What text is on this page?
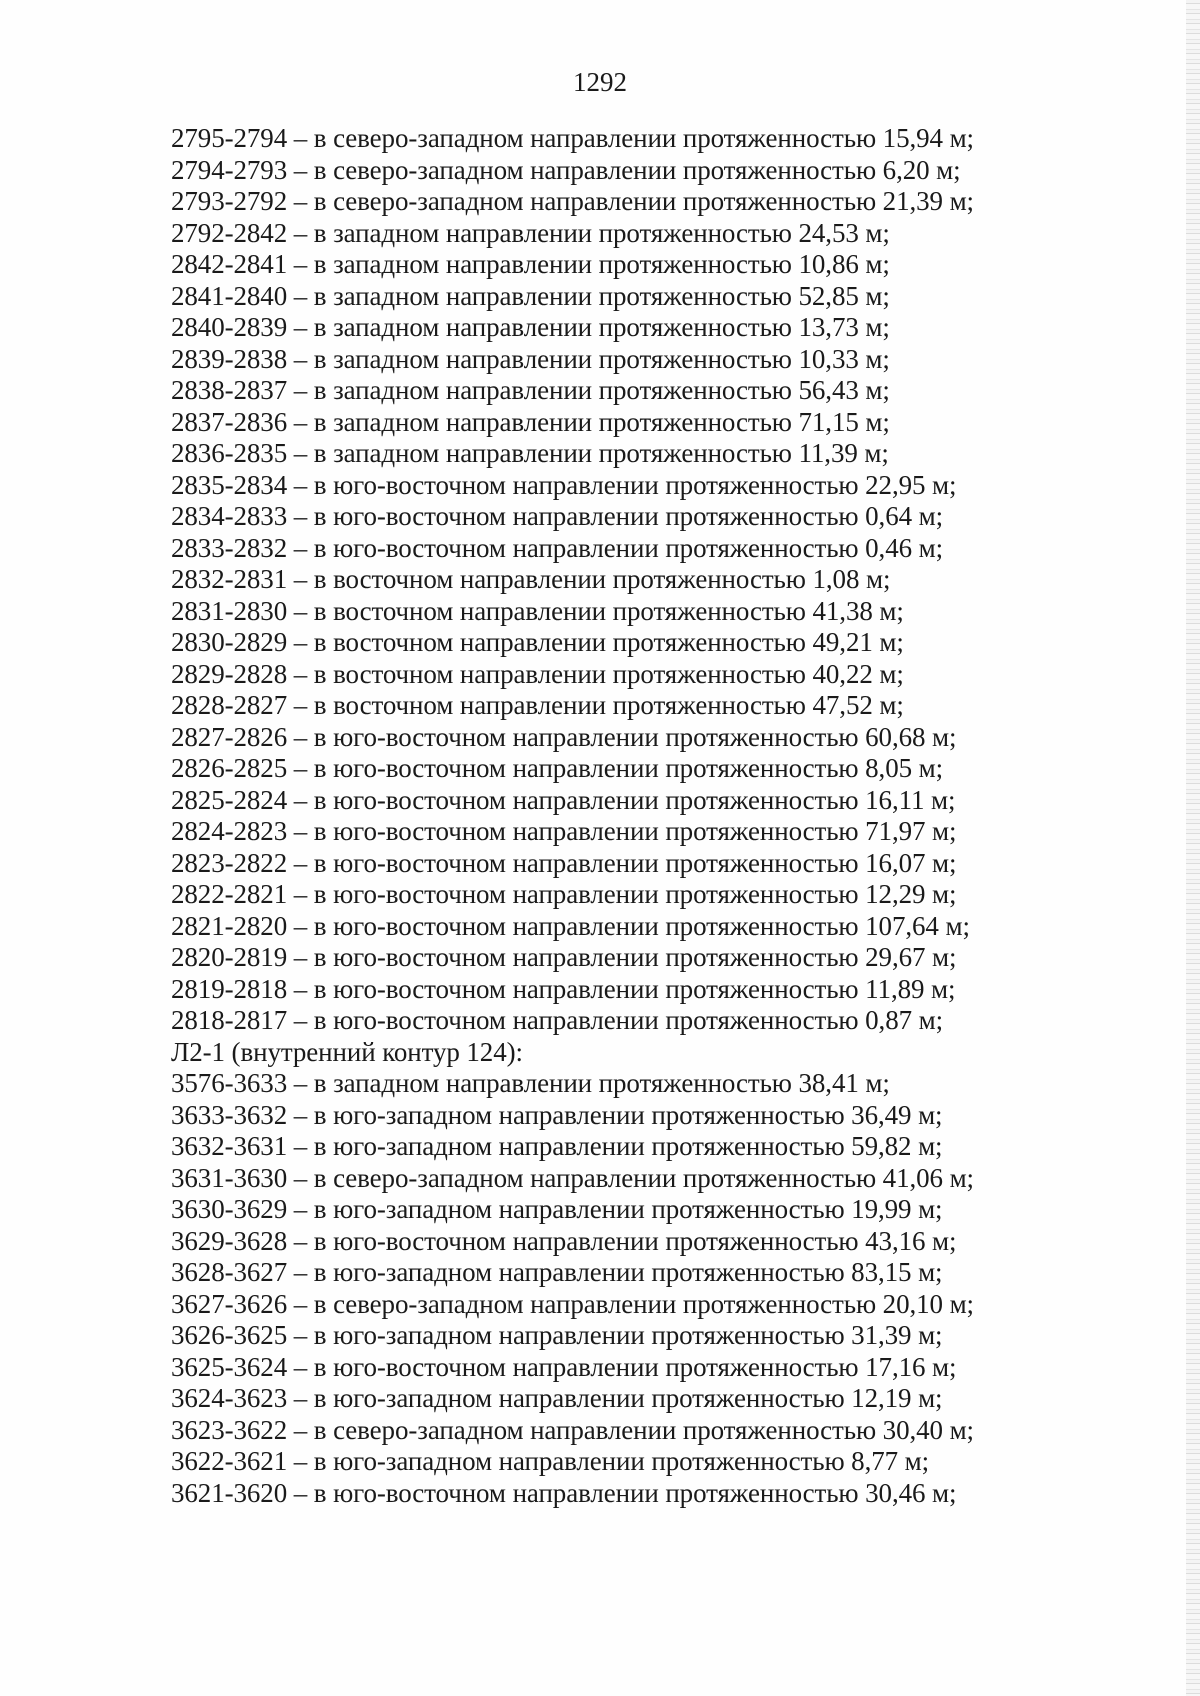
1292
2795-2794 – в северо-западном направлении протяженностью 15,94 м;
2794-2793 – в северо-западном направлении протяженностью 6,20 м;
2793-2792 – в северо-западном направлении протяженностью 21,39 м;
2792-2842 – в западном направлении протяженностью 24,53 м;
2842-2841 – в западном направлении протяженностью 10,86 м;
2841-2840 – в западном направлении протяженностью 52,85 м;
2840-2839 – в западном направлении протяженностью 13,73 м;
2839-2838 – в западном направлении протяженностью 10,33 м;
2838-2837 – в западном направлении протяженностью 56,43 м;
2837-2836 – в западном направлении протяженностью 71,15 м;
2836-2835 – в западном направлении протяженностью 11,39 м;
2835-2834 – в юго-восточном направлении протяженностью 22,95 м;
2834-2833 – в юго-восточном направлении протяженностью 0,64 м;
2833-2832 – в юго-восточном направлении протяженностью 0,46 м;
2832-2831 – в восточном направлении протяженностью 1,08 м;
2831-2830 – в восточном направлении протяженностью 41,38 м;
2830-2829 – в восточном направлении протяженностью 49,21 м;
2829-2828 – в восточном направлении протяженностью 40,22 м;
2828-2827 – в восточном направлении протяженностью 47,52 м;
2827-2826 – в юго-восточном направлении протяженностью 60,68 м;
2826-2825 – в юго-восточном направлении протяженностью 8,05 м;
2825-2824 – в юго-восточном направлении протяженностью 16,11 м;
2824-2823 – в юго-восточном направлении протяженностью 71,97 м;
2823-2822 – в юго-восточном направлении протяженностью 16,07 м;
2822-2821 – в юго-восточном направлении протяженностью 12,29 м;
2821-2820 – в юго-восточном направлении протяженностью 107,64 м;
2820-2819 – в юго-восточном направлении протяженностью 29,67 м;
2819-2818 – в юго-восточном направлении протяженностью 11,89 м;
2818-2817 – в юго-восточном направлении протяженностью 0,87 м;
Л2-1 (внутренний контур 124):
3576-3633 – в западном направлении протяженностью 38,41 м;
3633-3632 – в юго-западном направлении протяженностью 36,49 м;
3632-3631 – в юго-западном направлении протяженностью 59,82 м;
3631-3630 – в северо-западном направлении протяженностью 41,06 м;
3630-3629 – в юго-западном направлении протяженностью 19,99 м;
3629-3628 – в юго-восточном направлении протяженностью 43,16 м;
3628-3627 – в юго-западном направлении протяженностью 83,15 м;
3627-3626 – в северо-западном направлении протяженностью 20,10 м;
3626-3625 – в юго-западном направлении протяженностью 31,39 м;
3625-3624 – в юго-восточном направлении протяженностью 17,16 м;
3624-3623 – в юго-западном направлении протяженностью 12,19 м;
3623-3622 – в северо-западном направлении протяженностью 30,40 м;
3622-3621 – в юго-западном направлении протяженностью 8,77 м;
3621-3620 – в юго-восточном направлении протяженностью 30,46 м;
